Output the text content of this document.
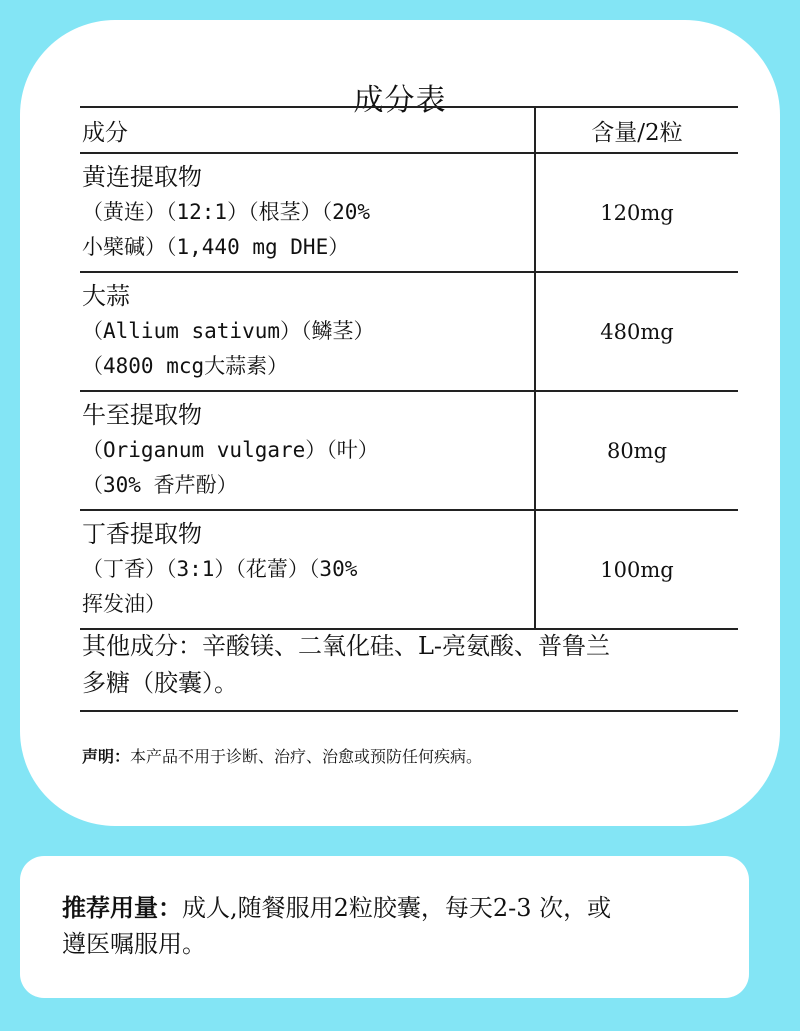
成分表
成分	含量/2粒

黄连提取物
（黄连）（12:1）（根茎）（20%
小檗碱）（1,440 mg DHE）	120mg

大蒜
（Allium sativum）（鳞茎）
（4800 mcg大蒜素）	480mg

牛至提取物
（Origanum vulgare）（叶）
（30% 香芹酚）	80mg

丁香提取物
（丁香）（3:1）（花蕾）（30%
挥发油）	100mg
其他成分：辛酸镁、二氧化硅、L-亮氨酸、普鲁兰
多糖（胶囊）。
声明：本产品不用于诊断、治疗、治愈或预防任何疾病。
推荐用量：成人,随餐服用2粒胶囊，每天2-3 次，或
遵医嘱服用。
